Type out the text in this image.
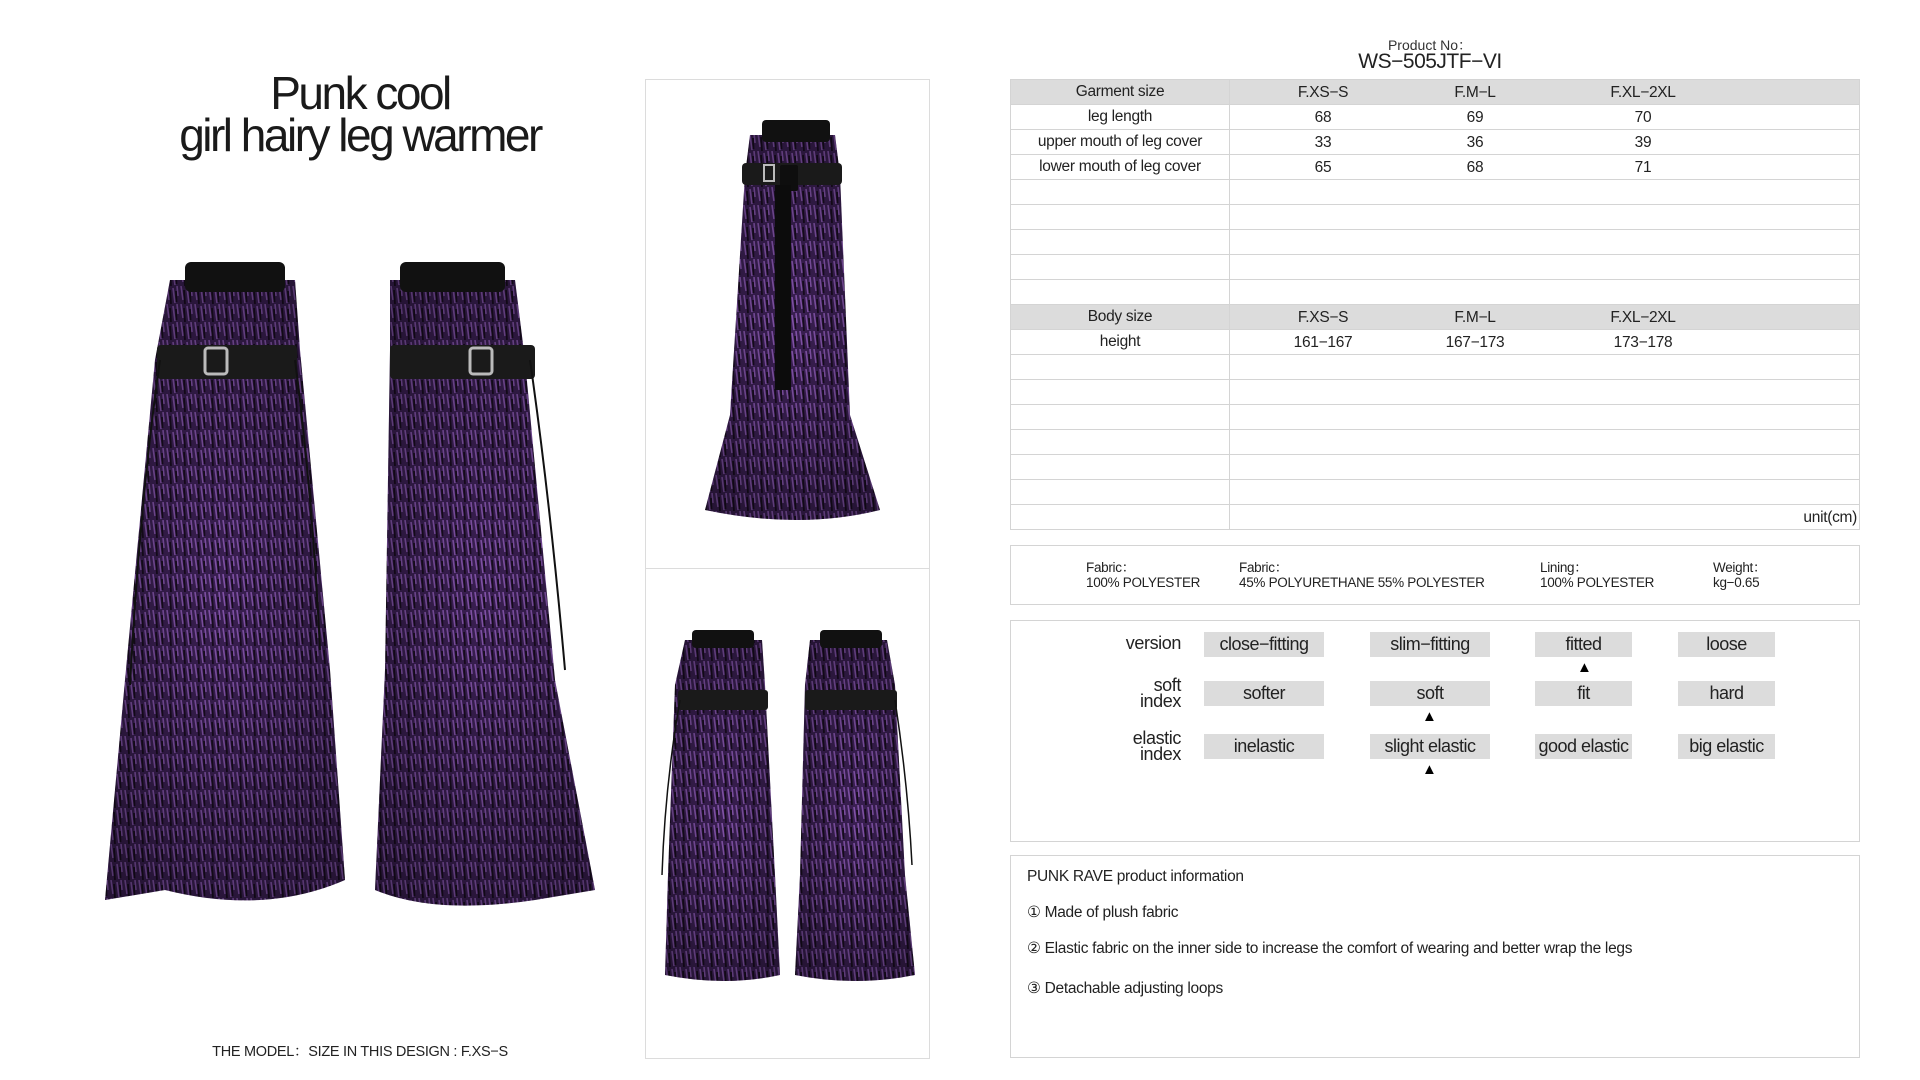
Punk cool
girl hairy leg warmer
THE MODEL：SIZE IN THIS DESIGN : F.XS−S
Product No：
WS−505JTF−VI
Garment size	F.XS−S F.M−L F.XL−2XL

leg length	68 69 70

upper mouth of leg cover	33 36 39

lower mouth of leg cover	65 68 71

Body size	F.XS−S F.M−L F.XL−2XL

height	161−167 167−173 173−178

	unit(cm)
Fabric：
100% POLYESTER
Fabric：
45% POLYURETHANE 55% POLYESTER
Lining：
100% POLYESTER
Weight：
kg−0.65
version	close−fitting	slim−fitting	fitted	loose
▲
soft
index	softer	soft	fit	hard
▲
elastic
index	inelastic	slight elastic	good elastic	big elastic
▲
PUNK RAVE product information
① Made of plush fabric
② Elastic fabric on the inner side to increase the comfort of wearing and better wrap the legs
③ Detachable adjusting loops
